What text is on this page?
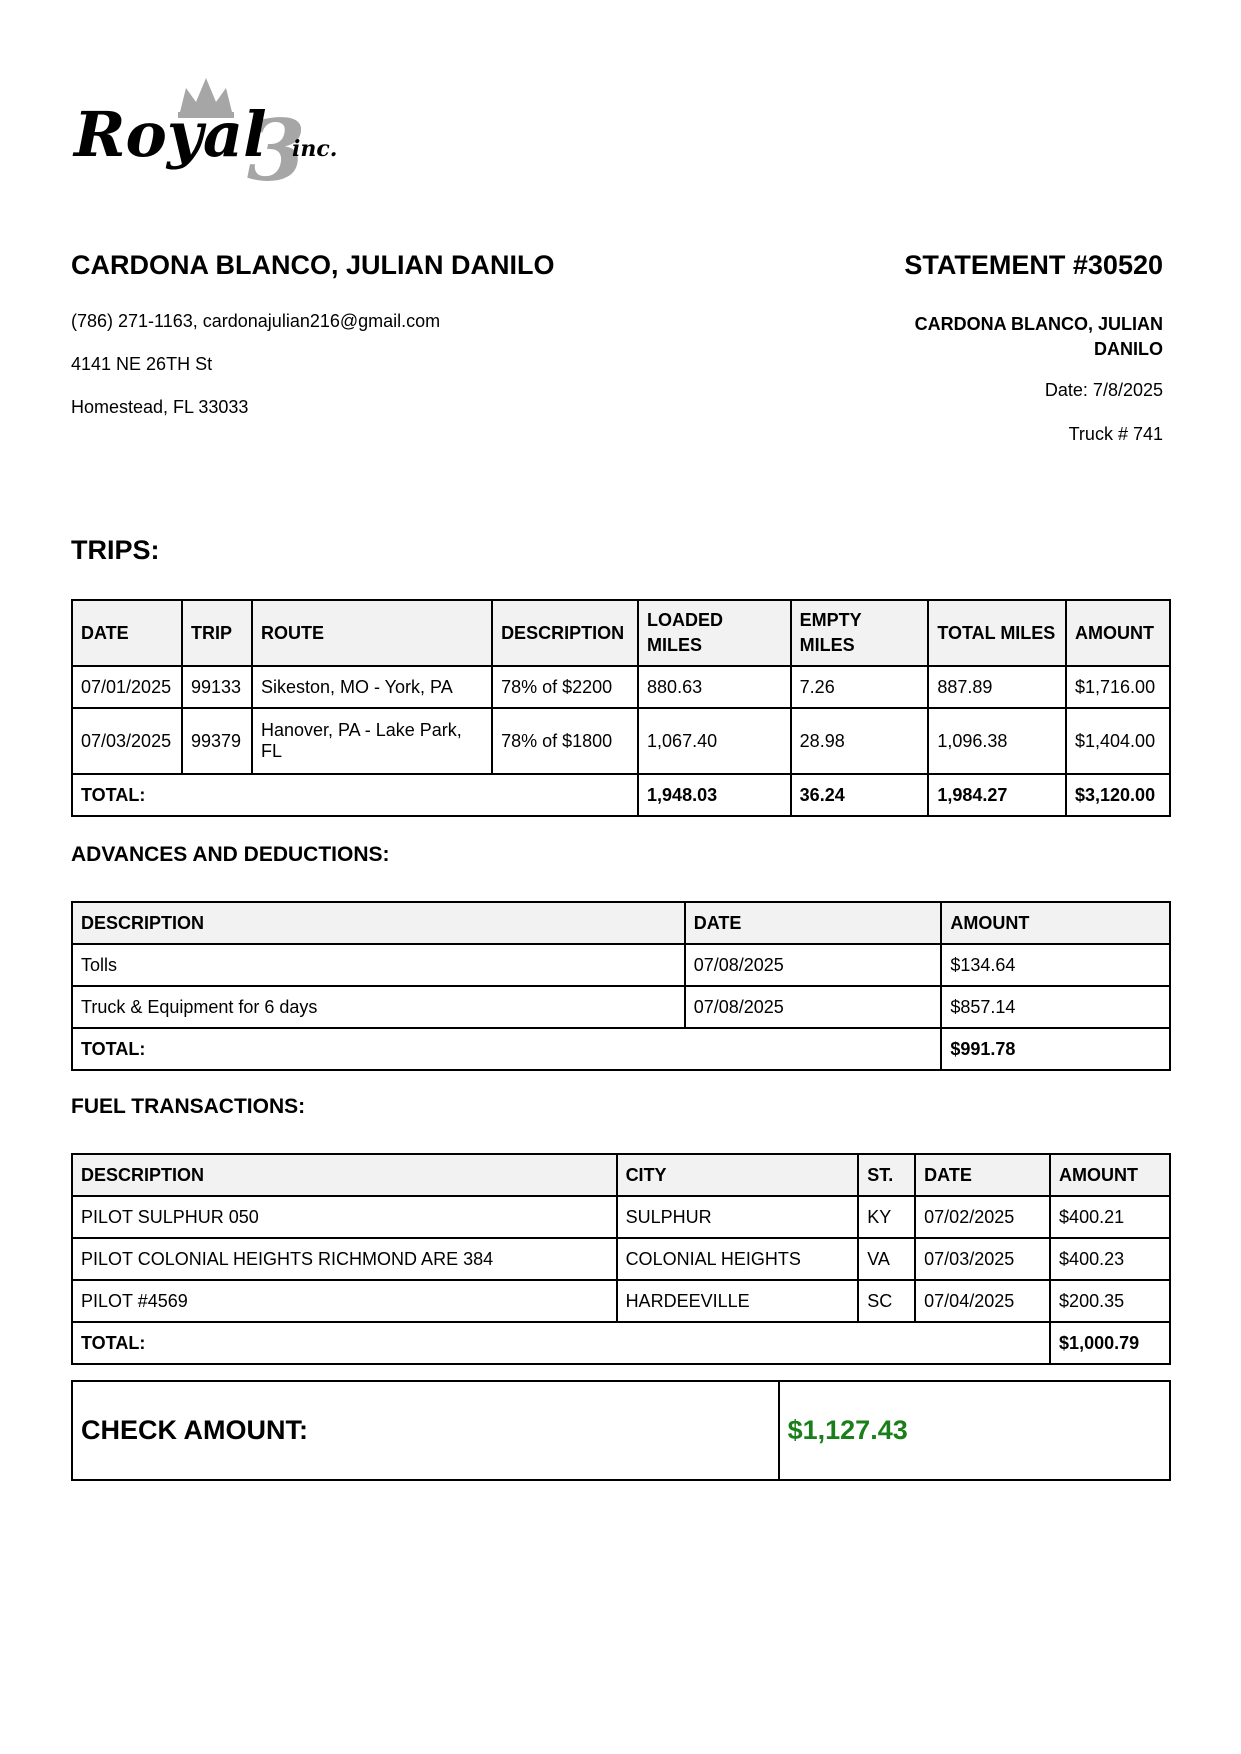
3
Royal inc.
CARDONA BLANCO, JULIAN DANILO
(786) 271-1163, cardonajulian216@gmail.com
4141 NE 26TH St
Homestead, FL 33033
STATEMENT #30520
CARDONA BLANCO, JULIAN DANILO
Date: 7/8/2025
Truck # 741
TRIPS:
DATE	TRIP	ROUTE	DESCRIPTION	LOADED MILES	EMPTY MILES	TOTAL MILES	AMOUNT
07/01/2025	99133	Sikeston, MO - York, PA	78% of $2200	880.63	7.26	887.89	$1,716.00
07/03/2025	99379	Hanover, PA - Lake Park, FL	78% of $1800	1,067.40	28.98	1,096.38	$1,404.00
TOTAL:				1,948.03	36.24	1,984.27	$3,120.00
ADVANCES AND DEDUCTIONS:
DESCRIPTION	DATE	AMOUNT
Tolls	07/08/2025	$134.64
Truck & Equipment for 6 days	07/08/2025	$857.14
TOTAL:		$991.78
FUEL TRANSACTIONS:
DESCRIPTION	CITY	ST.	DATE	AMOUNT
PILOT SULPHUR 050	SULPHUR	KY	07/02/2025	$400.21
PILOT COLONIAL HEIGHTS RICHMOND ARE 384	COLONIAL HEIGHTS	VA	07/03/2025	$400.23
PILOT #4569	HARDEEVILLE	SC	07/04/2025	$200.35
TOTAL:				$1,000.79
CHECK AMOUNT:	$1,127.43
